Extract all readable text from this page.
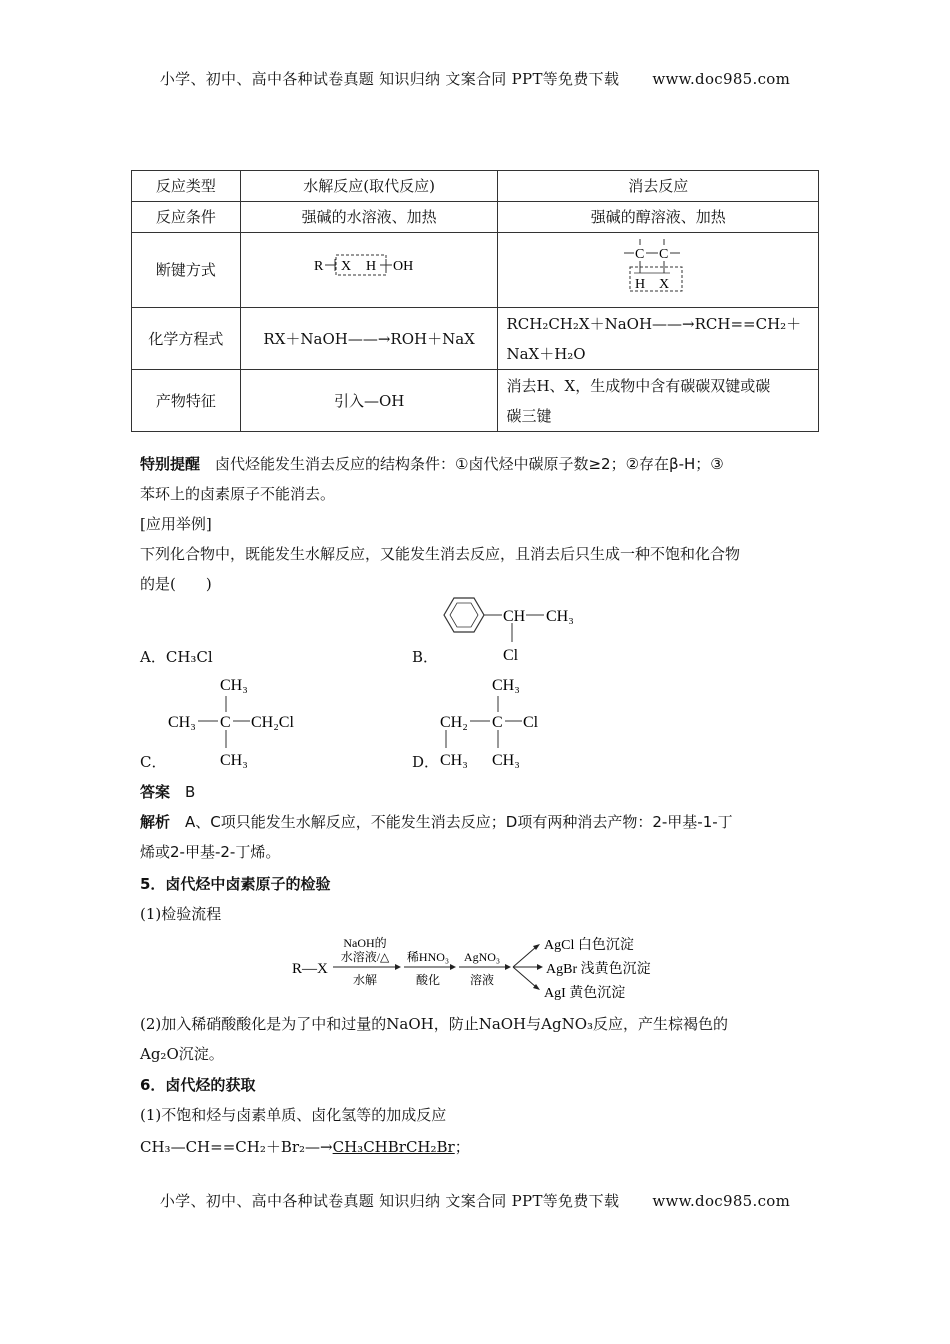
小学、初中、高中各种试卷真题 知识归纳 文案合同 PPT等免费下载 www.doc985.com
反应类型	水解反应(取代反应)	消去反应
反应条件	强碱的水溶液、加热	强碱的醇溶液、加热
断键方式	R X H OH	C C
H X

化学方程式	RX＋NaOH——→ROH＋NaX	RCH₂CH₂X＋NaOH——→RCH==CH₂＋
NaX＋H₂O

产物特征	引入—OH	消去H、X，生成物中含有碳碳双键或碳
碳三键
特别提醒　 卤代烃能发生消去反应的结构条件：①卤代烃中碳原子数≥2；②存在β-H；③
苯环上的卤素原子不能消去。
[应用举例]
下列化合物中，既能发生水解反应，又能发生消去反应，且消去后只生成一种不饱和化合物
的是(　　)
A．CH₃Cl	B．
CH CH₃
Cl
CH₃
CH₃ C CH₂Cl
CH₃
C．
CH₃
CH₂ C Cl
CH₃ CH₃
D．
答案　 B
解析　 A、C项只能发生水解反应，不能发生消去反应；D项有两种消去产物：2-甲基-1-丁
烯或2-甲基-2-丁烯。
5．卤代烃中卤素原子的检验
(1)检验流程
R—X
NaOH的
水溶液/△
水解
稀HNO₃
酸化
AgNO₃
溶液
AgCl 白色沉淀
AgBr 浅黄色沉淀
AgI 黄色沉淀
(2)加入稀硝酸酸化是为了中和过量的NaOH，防止NaOH与AgNO₃反应，产生棕褐色的
Ag₂O沉淀。
6．卤代烃的获取
(1)不饱和烃与卤素单质、卤化氢等的加成反应
CH₃—CH==CH₂＋Br₂—→CH₃CHBrCH₂Br；
小学、初中、高中各种试卷真题 知识归纳 文案合同 PPT等免费下载 www.doc985.com
